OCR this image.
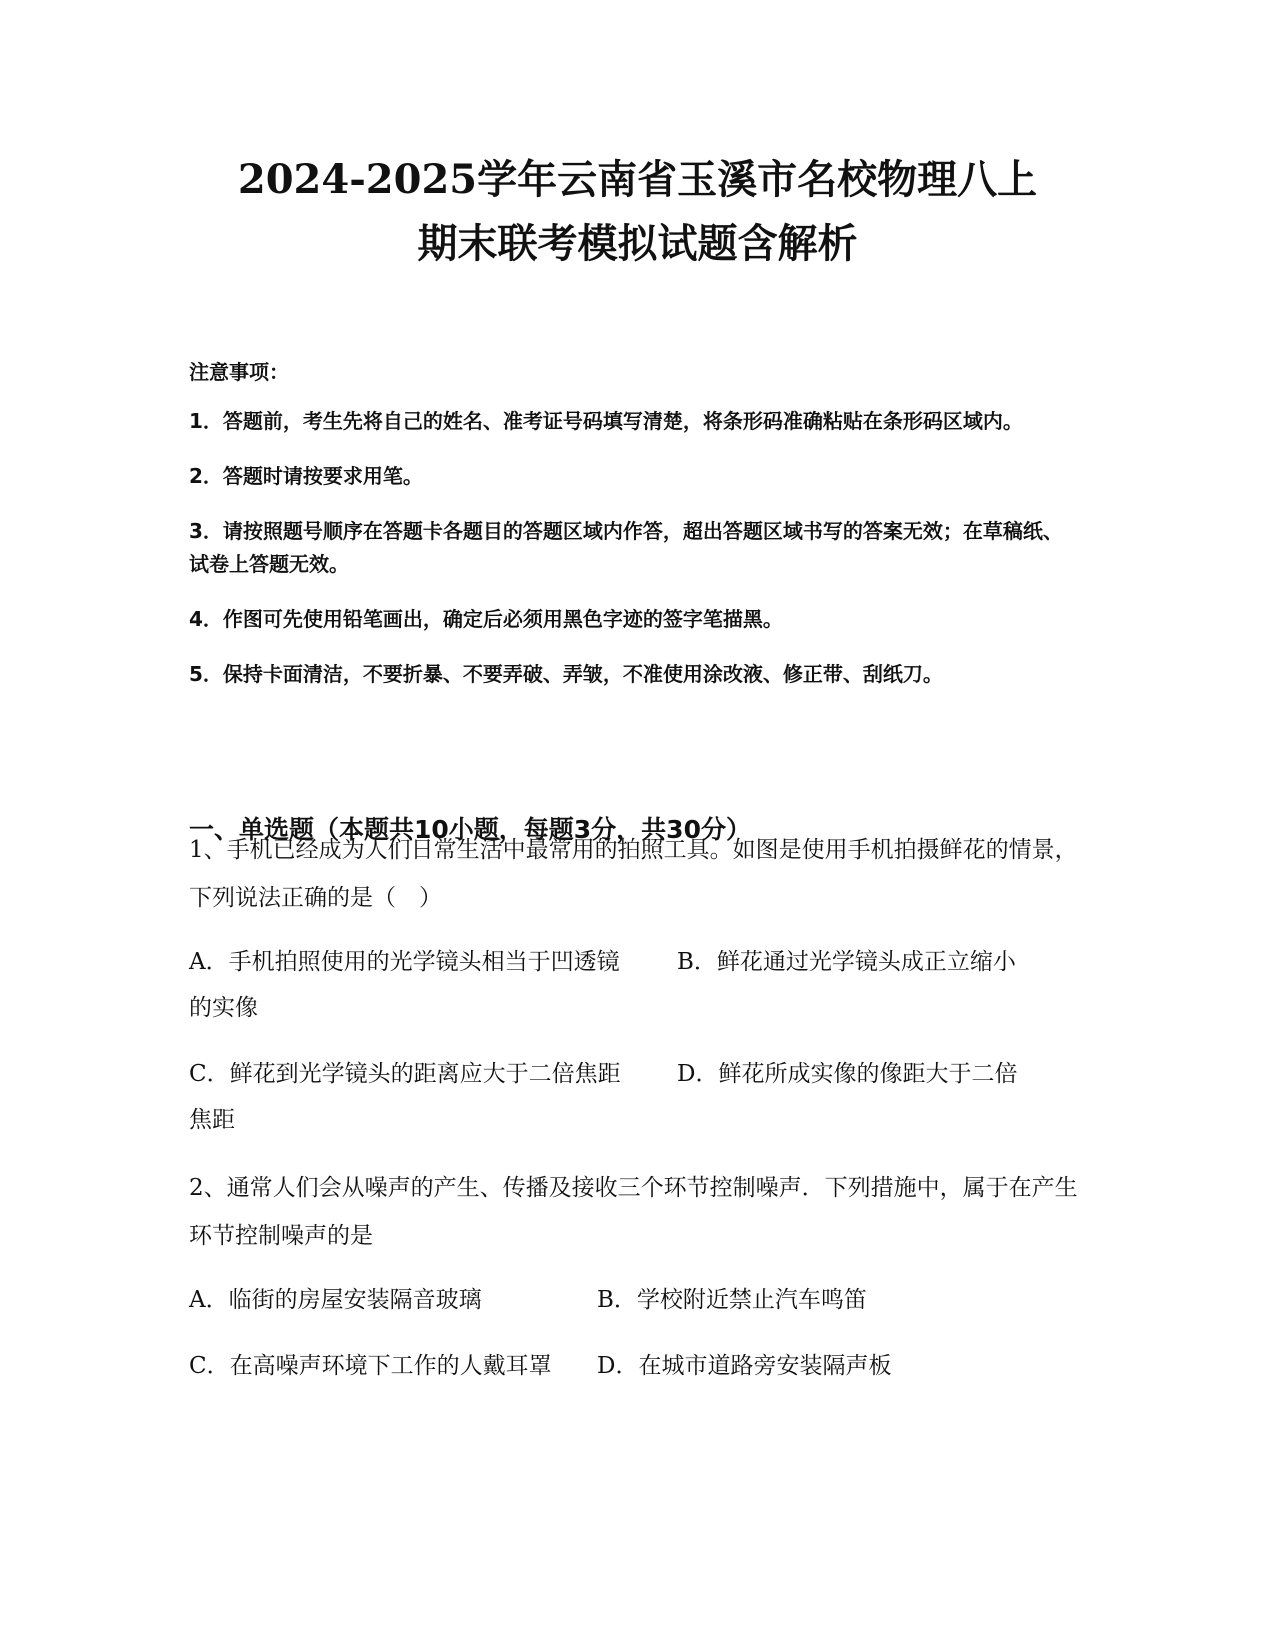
2024-2025学年云南省玉溪市名校物理八上
期末联考模拟试题含解析

注意事项：

1．答题前，考生先将自己的姓名、准考证号码填写清楚，将条形码准确粘贴在条形码区域内。

2．答题时请按要求用笔。

3．请按照题号顺序在答题卡各题目的答题区域内作答，超出答题区域书写的答案无效；在草稿纸、试卷上答题无效。

4．作图可先使用铅笔画出，确定后必须用黑色字迹的签字笔描黑。

5．保持卡面清洁，不要折暴、不要弄破、弄皱，不准使用涂改液、修正带、刮纸刀。

一、单选题（本题共10小题，每题3分，共30分）

1、手机已经成为人们日常生活中最常用的拍照工具。如图是使用手机拍摄鲜花的情景，下列说法正确的是（　）

A．手机拍照使用的光学镜头相当于凹透镜 B．鲜花通过光学镜头成正立缩小
的实像
C．鲜花到光学镜头的距离应大于二倍焦距 D．鲜花所成实像的像距大于二倍
焦距

2、通常人们会从噪声的产生、传播及接收三个环节控制噪声．下列措施中，属于在产生环节控制噪声的是

A．临街的房屋安装隔音玻璃	B．学校附近禁止汽车鸣笛
C．在高噪声环境下工作的人戴耳罩 D．在城市道路旁安装隔声板
